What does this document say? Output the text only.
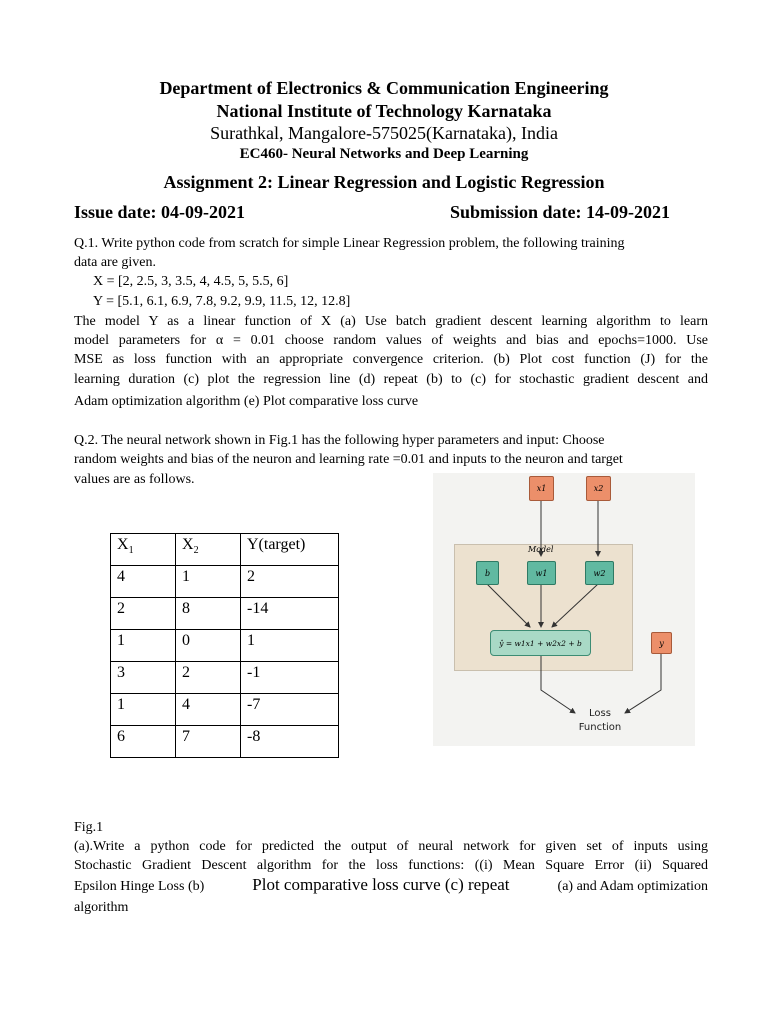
Department of Electronics & Communication Engineering
National Institute of Technology Karnataka
Surathkal, Mangalore-575025(Karnataka), India
EC460- Neural Networks and Deep Learning
Assignment 2: Linear Regression and Logistic Regression
Issue date: 04-09-2021	Submission date: 14-09-2021
Q.1. Write python code from scratch for simple Linear Regression problem, the following training
data are given.
X = [2, 2.5, 3, 3.5, 4, 4.5, 5, 5.5, 6]
Y = [5.1, 6.1, 6.9, 7.8, 9.2, 9.9, 11.5, 12, 12.8]
The model Y as a linear function of X (a) Use batch gradient descent learning algorithm to learn
model parameters for α = 0.01 choose random values of weights and bias and epochs=1000. Use
MSE as loss function with an appropriate convergence criterion. (b) Plot cost function (J) for the
learning duration (c) plot the regression line (d) repeat (b) to (c) for stochastic gradient descent and
Adam optimization algorithm (e) Plot comparative loss curve
Q.2. The neural network shown in Fig.1 has the following hyper parameters and input: Choose
random weights and bias of the neuron and learning rate =0.01 and inputs to the neuron and target
values are as follows.
$X_1$	$X_2$	Y(target)
4	1	2
2	8	-14
1	0	1
3	2	-1
1	4	-7
6	7	-8
Model
x1	x2
b	w1	w2
ŷ = w1x1 + w2x2 + b	y
Loss
Function
Fig.1
(a).Write a python code for predicted the output of neural network for given set of inputs using
Stochastic Gradient Descent algorithm for the loss functions: ((i) Mean Square Error (ii) Squared
Epsilon Hinge Loss (b)	Plot comparative loss curve (c) repeat	(a) and Adam optimization
algorithm
